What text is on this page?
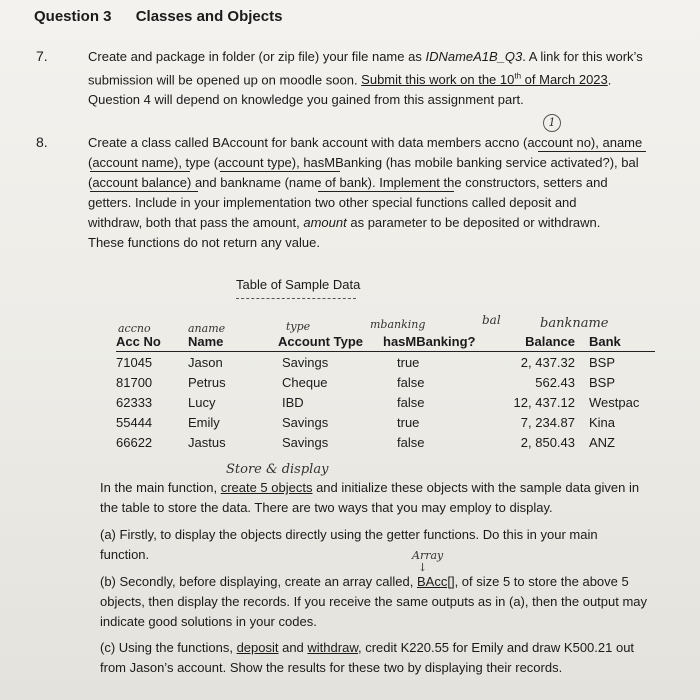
Question 3 Classes and Objects
7.	Create and package in folder (or zip file) your file name as IDNameA1B_Q3. A link for this work’s
submission will be opened up on moodle soon. Submit this work on the 10th of March 2023.
Question 4 will depend on knowledge you gained from this assignment part.
8.	Create a class called BAccount for bank account with data members accno (account no), aname
(account name), type (account type), hasMBanking (has mobile banking service activated?), bal
(account balance) and bankname (name of bank). Implement the constructors, setters and
getters. Include in your implementation two other special functions called deposit and
withdraw, both that pass the amount, amount as parameter to be deposited or withdrawn.
These functions do not return any value.
1
Table of Sample Data
accno	aname	type	mbanking	bal	bankname
Acc No	Name	Account Type	hasMBanking?	Balance	Bank
71045	Jason	Savings	true	2, 437.32	BSP
81700	Petrus	Cheque	false	562.43	BSP
62333	Lucy	IBD	false	12, 437.12	Westpac
55444	Emily	Savings	true	7, 234.87	Kina
66622	Jastus	Savings	false	2, 850.43	ANZ
Store & display
In the main function, create 5 objects and initialize these objects with the sample data given in
the table to store the data. There are two ways that you may employ to display.
(a) Firstly, to display the objects directly using the getter functions. Do this in your main
function.	Array
↓
(b) Secondly, before displaying, create an array called, BAcc[], of size 5 to store the above 5
objects, then display the records. If you receive the same outputs as in (a), then the output may
indicate good solutions in your codes.
(c) Using the functions, deposit and withdraw, credit K220.55 for Emily and draw K500.21 out
from Jason’s account. Show the results for these two by displaying their records.
